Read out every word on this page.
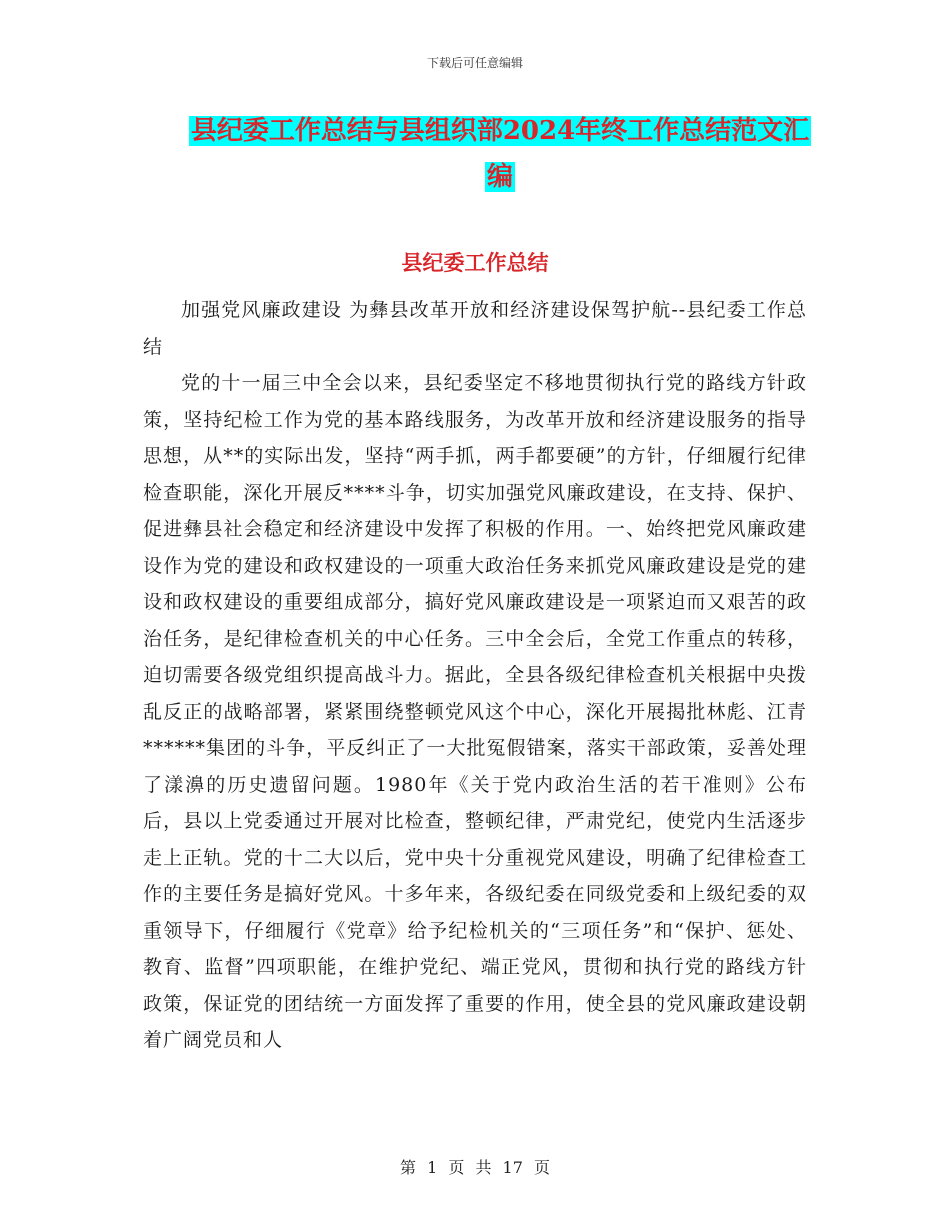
下载后可任意编辑
县纪委工作总结与县组织部2024年终工作总结范文汇
编
县纪委工作总结

加强党风廉政建设 为彝县改革开放和经济建设保驾护航--县纪委工作总结

党的十一届三中全会以来，县纪委坚定不移地贯彻执行党的路线方针政策，坚持纪检工作为党的基本路线服务，为改革开放和经济建设服务的指导思想，从**的实际出发，坚持“两手抓，两手都要硬”的方针，仔细履行纪律检查职能，深化开展反****斗争，切实加强党风廉政建设，在支持、保护、促进彝县社会稳定和经济建设中发挥了积极的作用。一、始终把党风廉政建设作为党的建设和政权建设的一项重大政治任务来抓党风廉政建设是党的建设和政权建设的重要组成部分，搞好党风廉政建设是一项紧迫而又艰苦的政治任务，是纪律检查机关的中心任务。三中全会后，全党工作重点的转移，迫切需要各级党组织提高战斗力。据此，全县各级纪律检查机关根据中央拨乱反正的战略部署，紧紧围绕整顿党风这个中心，深化开展揭批林彪、江青******集团的斗争，平反纠正了一大批冤假错案，落实干部政策，妥善处理了漾濞的历史遗留问题。1980年《关于党内政治生活的若干准则》公布后，县以上党委通过开展对比检查，整顿纪律，严肃党纪，使党内生活逐步走上正轨。党的十二大以后，党中央十分重视党风建设，明确了纪律检查工作的主要任务是搞好党风。十多年来，各级纪委在同级党委和上级纪委的双重领导下，仔细履行《党章》给予纪检机关的“三项任务”和“保护、惩处、教育、监督”四项职能，在维护党纪、端正党风，贯彻和执行党的路线方针政策，保证党的团结统一方面发挥了重要的作用，使全县的党风廉政建设朝着广阔党员和人

第 1 页 共 17 页
